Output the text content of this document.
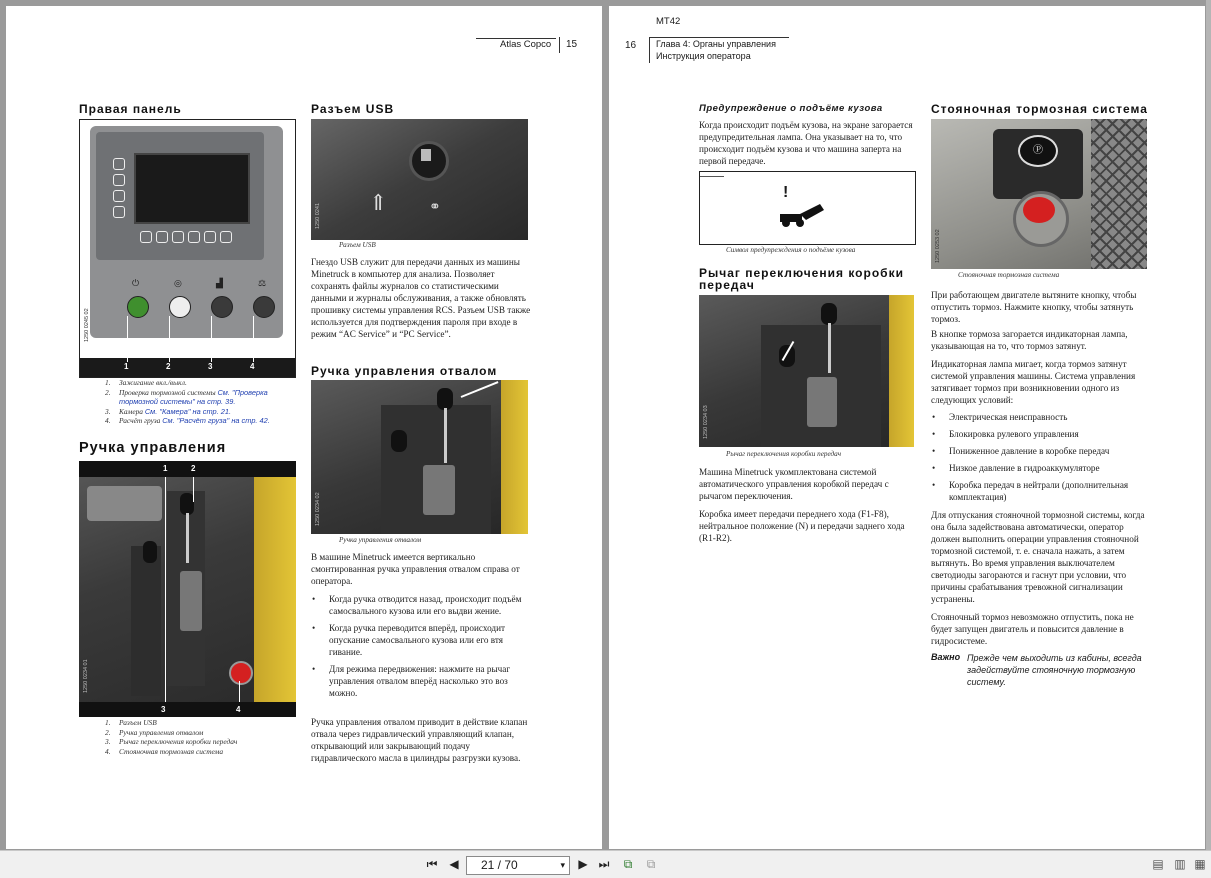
Atlas Copco 15
Правая панель
⏻	◎	▟	⚖
1	2	3	4
1250 0245 02
1. Зажигание вкл./выкл.
2. Проверка тормозной системы См. "Проверка тормозной системы" на стр. 39.
3. Камера См. "Камера" на стр. 21.
4. Расчёт груза См. "Расчёт груза" на стр. 42.
Ручка управления
1	2
3	4
1250 0234 01
1. Разъем USB
2. Ручка управления отвалом
3. Рычаг переключения коробки передач
4. Стояночная тормозная система
Разъем USB
⇑	⚭
1250 0241
Разъем USB
Гнездо USB служит для передачи данных из машины Minetruck в компьютер для анализа. Позволяет сохранять файлы журналов со статистическими данными и журналы обслуживания, а также обновлять прошивку системы управления RCS. Разъем USB также используется для подтверждения пароля при входе в режим “AC Service” и “PC Service”.
Ручка управления отвалом
1250 0234 02
Ручка управления отвалом
В машине Minetruck имеется вертикально смонтированная ручка управления отвалом справа от оператора.
• Когда ручка отводится назад, происходит подъём самосвального кузова или его выдви жение.
• Когда ручка переводится вперёд, происходит опускание самосвального кузова или его втя гивание.
• Для режима передвижения: нажмите на рычаг управления отвалом вперёд насколько это воз можно.
Ручка управления отвалом приводит в действие клапан отвала через гидравлический управляющий клапан, открывающий или закрывающий подачу гидравлического масла в цилиндры разгрузки кузова.
MT42
16 Глава 4: Органы управления
Инструкция оператора
Предупреждение о подъёме кузова
Когда происходит подъём кузова, на экране загорается предупредительная лампа. Она указывает на то, что происходит подъём кузова и что машина заперта на первой передаче.
!
Символ предупреждения о подъёме кузова
Рычаг переключения коробки передач
1250 0234 03
Рычаг переключения коробки передач
Машина Minetruck укомплектована системой автоматического управления коробкой передач с рычагом переключения.
Коробка имеет передачи переднего хода (F1-F8), нейтральное положение (N) и передачи заднего хода (R1-R2).
Стояночная тормозная система
Ⓟ
1250 0253 02
Стояночная тормозная система
При работающем двигателе вытяните кнопку, чтобы отпустить тормоз. Нажмите кнопку, чтобы затянуть тормоз.
В кнопке тормоза загорается индикаторная лампа, указывающая на то, что тормоз затянут.
Индикаторная лампа мигает, когда тормоз затянут системой управления машины. Система управления затягивает тормоз при возникновении одного из следующих условий:
• Электрическая неисправность
• Блокировка рулевого управления
• Пониженное давление в коробке передач
• Низкое давление в гидроаккумуляторе
• Коробка передач в нейтрали (дополнительная комплектация)
Для отпускания стояночной тормозной системы, когда она была задействована автоматически, оператор должен выполнить операции управления стояночной тормозной системой, т. е. сначала нажать, а затем вытянуть. Во время управления выключателем светодиоды загораются и гаснут при условии, что причины срабатывания тревожной сигнализации устранены.
Стояночный тормоз невозможно отпустить, пока не будет запущен двигатель и повысится давление в гидросистеме.
Важно Прежде чем выходить из кабины, всегда задействуйте стояночную тормозную систему.
⏮ ◀ 21 / 70	▾ ▶ ⏭ ⧉ ⧉	▤ ▥ ▦
